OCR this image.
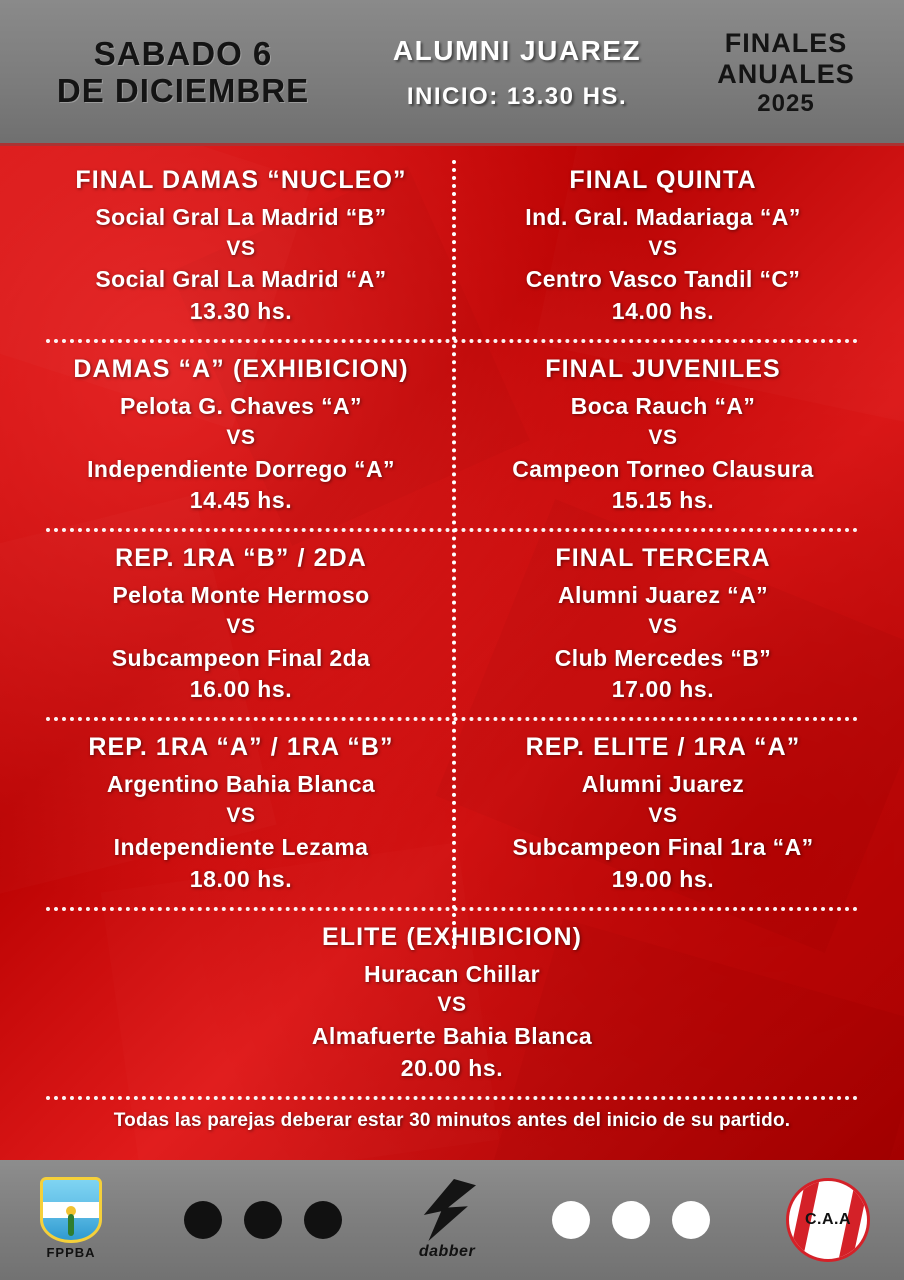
SABADO 6
DE DICIEMBRE
ALUMNI JUAREZ
INICIO: 13.30 HS.
FINALES
ANUALES
2025
FINAL DAMAS “NUCLEO”
Social Gral La Madrid “B”
VS
Social Gral La Madrid “A”
13.30 hs.
FINAL QUINTA
Ind. Gral. Madariaga “A”
VS
Centro Vasco Tandil “C”
14.00 hs.
DAMAS “A” (EXHIBICION)
Pelota G. Chaves “A”
VS
Independiente Dorrego “A”
14.45 hs.
FINAL JUVENILES
Boca Rauch “A”
VS
Campeon Torneo Clausura
15.15 hs.
REP. 1RA “B” / 2DA
Pelota Monte Hermoso
VS
Subcampeon Final 2da
16.00 hs.
FINAL TERCERA
Alumni Juarez “A”
VS
Club Mercedes “B”
17.00 hs.
REP. 1RA “A” / 1RA “B”
Argentino Bahia Blanca
VS
Independiente Lezama
18.00 hs.
REP. ELITE / 1RA “A”
Alumni Juarez
VS
Subcampeon Final 1ra “A”
19.00 hs.
ELITE (EXHIBICION)
Huracan Chillar
VS
Almafuerte Bahia Blanca
20.00 hs.
Todas las parejas deberar estar 30 minutos antes del inicio de su partido.
FPPBA	dabber
C.A.A
